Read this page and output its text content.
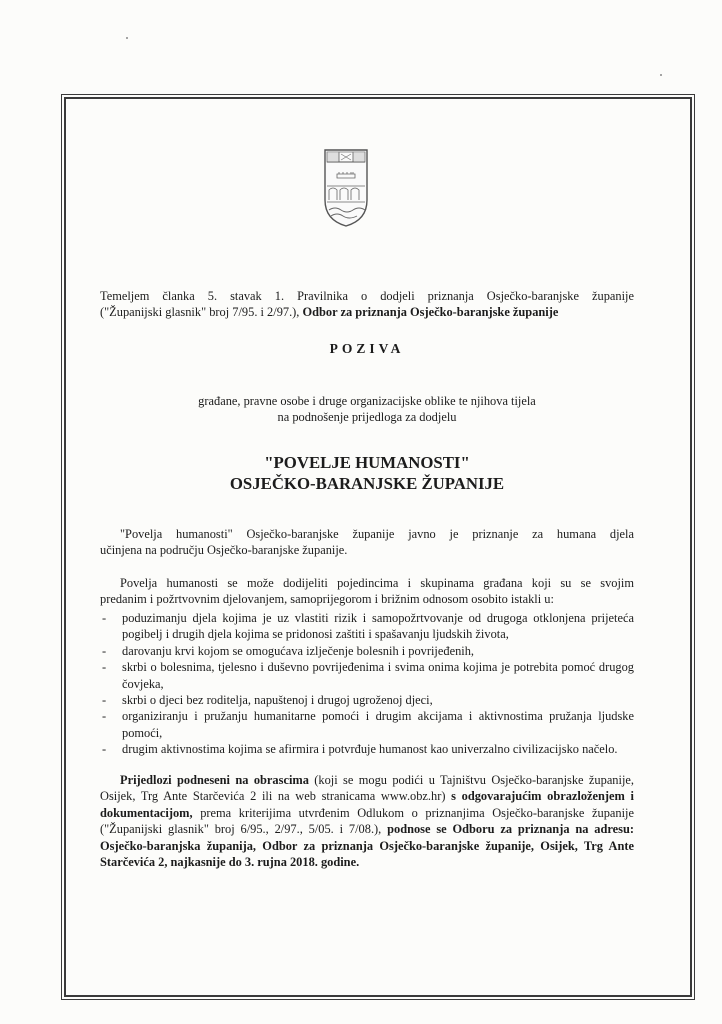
Temeljem članka 5. stavak 1. Pravilnika o dodjeli priznanja Osječko-baranjske županije

("Županijski glasnik" broj 7/95. i 2/97.), Odbor za priznanja Osječko-baranjske županije

POZIVA

građane, pravne osobe i druge organizacijske oblike te njihova tijela

na podnošenje prijedloga za dodjelu

"POVELJE HUMANOSTI"
OSJEČKO-BARANJSKE ŽUPANIJE

"Povelja humanosti" Osječko-baranjske županije javno je priznanje za humana djela

učinjena na području Osječko-baranjske županije.

Povelja humanosti se može dodijeliti pojedincima i skupinama građana koji su se svojim

predanim i požrtvovnim djelovanjem, samoprijegorom i brižnim odnosom osobito istakli u:

- poduzimanju djela kojima je uz vlastiti rizik i samopožrtvovanje od drugoga otklonjena prijeteća pogibelj i drugih djela kojima se pridonosi zaštiti i spašavanju ljudskih života,
- darovanju krvi kojom se omogućava izlječenje bolesnih i povrijeđenih,
- skrbi o bolesnima, tjelesno i duševno povrijeđenima i svima onima kojima je potrebita pomoć drugog čovjeka,
- skrbi o djeci bez roditelja, napuštenoj i drugoj ugroženoj djeci,
- organiziranju i pružanju humanitarne pomoći i drugim akcijama i aktivnostima pružanja ljudske pomoći,
- drugim aktivnostima kojima se afirmira i potvrđuje humanost kao univerzalno civilizacijsko načelo.

Prijedlozi podneseni na obrascima (koji se mogu podići u Tajništvu Osječko-baranjske županije, Osijek, Trg Ante Starčevića 2 ili na web stranicama www.obz.hr) s odgovarajućim obrazloženjem i dokumentacijom, prema kriterijima utvrđenim Odlukom o priznanjima Osječko-baranjske županije ("Županijski glasnik" broj 6/95., 2/97., 5/05. i 7/08.), podnose se Odboru za priznanja na adresu: Osječko-baranjska županija, Odbor za priznanja Osječko-baranjske županije, Osijek, Trg Ante Starčevića 2, najkasnije do 3. rujna 2018. godine.
